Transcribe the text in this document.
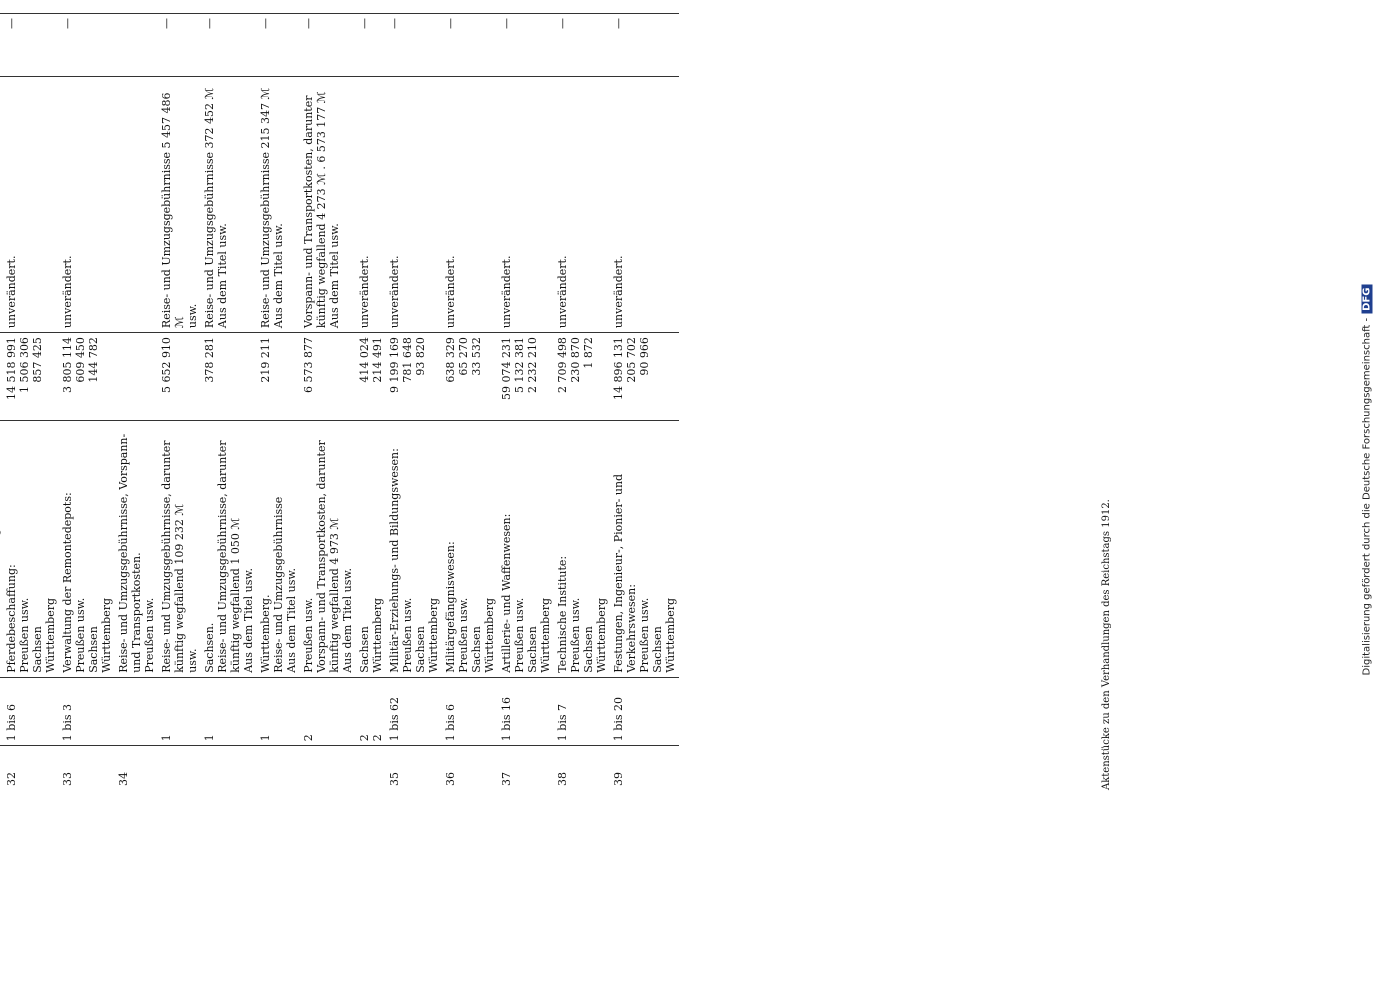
Digitalisierung gefördert durch die Deutsche Forschungsgemeinschaft -DFG

32	1 bis 6	Pferdebeschaffung:
Preußen usw.
Sachsen
Württemberg	14 518 991
1 506 306
857 425	unverändert.	—	
33	1 bis 3	Verwaltung der Remontedepots:
Preußen usw.
Sachsen
Württemberg	3 805 114
609 450
144 782	unverändert.	—	
34		Reise- und Umzugsgebührnisse, Vorspann- und Transportkosten.
Preußen usw.				
	1	Reise- und Umzugsgebührnisse, darunter künftig wegfallend 109 232 ℳ
usw.	5 652 910	Reise- und Umzugsgebührnisse 5 457 486 ℳ
usw.	—	
	1	Sachsen.
Reise- und Umzugsgebührnisse, darunter künftig wegfallend 1 050 ℳ
Aus dem Titel usw.	378 281	Reise- und Umzugsgebührnisse 372 452 ℳ
Aus dem Titel usw.	—	
	1	Württemberg.
Reise- und Umzugsgebührnisse
Aus dem Titel usw.	219 211	Reise- und Umzugsgebührnisse 215 347 ℳ
Aus dem Titel usw.	—	
	2	Preußen usw.
Vorspann- und Transportkosten, darunter künftig wegfallend 4 973 ℳ
Aus dem Titel usw.	6 573 877	Vorspann- und Transportkosten, darunter künftig wegfallend 4 273 ℳ . 6 573 177 ℳ
Aus dem Titel usw.	—	
	2
2	Sachsen
Württemberg	414 024
214 491	unverändert.	—	
35	1 bis 62	Militär-Erziehungs- und Bildungswesen:
Preußen usw.
Sachsen
Württemberg	9 199 169
781 648
93 820	unverändert.	—	
36	1 bis 6	Militärgefängniswesen:
Preußen usw.
Sachsen
Württemberg	638 329
65 270
33 532	unverändert.	—	
37	1 bis 16	Artillerie- und Waffenwesen:
Preußen usw.
Sachsen
Württemberg	59 074 231
5 132 381
2 232 210	unverändert.	—	
38	1 bis 7	Technische Institute:
Preußen usw.
Sachsen
Württemberg	2 709 498
230 870
1 872	unverändert.	—	
39	1 bis 20	Festungen, Ingenieur-, Pionier- und Verkehrswesen:
Preußen usw.
Sachsen
Württemberg	14 896 131
205 702
90 966	unverändert.	—	
Aktenstücke zu den Verhandlungen des Reichstags 1912.
